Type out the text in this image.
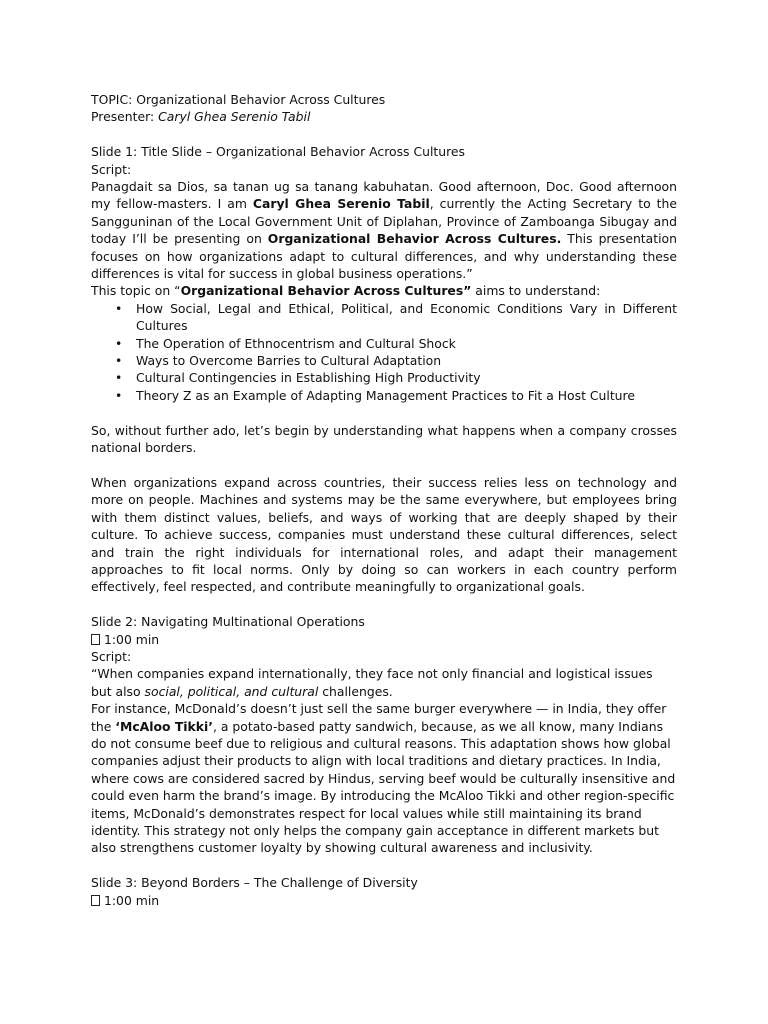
TOPIC: Organizational Behavior Across Cultures

Presenter: Caryl Ghea Serenio Tabil

Slide 1: Title Slide – Organizational Behavior Across Cultures

Script:

Panagdait sa Dios, sa tanan ug sa tanang kabuhatan. Good afternoon, Doc. Good afternoon my fellow-masters. I am Caryl Ghea Serenio Tabil, currently the Acting Secretary to the Sangguninan of the Local Government Unit of Diplahan, Province of Zamboanga Sibugay and today I’ll be presenting on Organizational Behavior Across Cultures. This presentation focuses on how organizations adapt to cultural differences, and why understanding these differences is vital for success in global business operations.”

This topic on “Organizational Behavior Across Cultures” aims to understand:

• How Social, Legal and Ethical, Political, and Economic Conditions Vary in Different Cultures
• The Operation of Ethnocentrism and Cultural Shock
• Ways to Overcome Barries to Cultural Adaptation
• Cultural Contingencies in Establishing High Productivity
• Theory Z as an Example of Adapting Management Practices to Fit a Host Culture

So, without further ado, let’s begin by understanding what happens when a company crosses national borders.

When organizations expand across countries, their success relies less on technology and more on people. Machines and systems may be the same everywhere, but employees bring with them distinct values, beliefs, and ways of working that are deeply shaped by their culture. To achieve success, companies must understand these cultural differences, select and train the right individuals for international roles, and adapt their management approaches to fit local norms. Only by doing so can workers in each country perform effectively, feel respected, and contribute meaningfully to organizational goals.

Slide 2: Navigating Multinational Operations

1:00 min

Script:

“When companies expand internationally, they face not only financial and logistical issues but also social, political, and cultural challenges.

For instance, McDonald’s doesn’t just sell the same burger everywhere — in India, they offer the ‘McAloo Tikki’, a potato-based patty sandwich, because, as we all know, many Indians do not consume beef due to religious and cultural reasons. This adaptation shows how global companies adjust their products to align with local traditions and dietary practices. In India, where cows are considered sacred by Hindus, serving beef would be culturally insensitive and could even harm the brand’s image. By introducing the McAloo Tikki and other region-specific items, McDonald’s demonstrates respect for local values while still maintaining its brand identity. This strategy not only helps the company gain acceptance in different markets but also strengthens customer loyalty by showing cultural awareness and inclusivity.

Slide 3: Beyond Borders – The Challenge of Diversity

1:00 min
